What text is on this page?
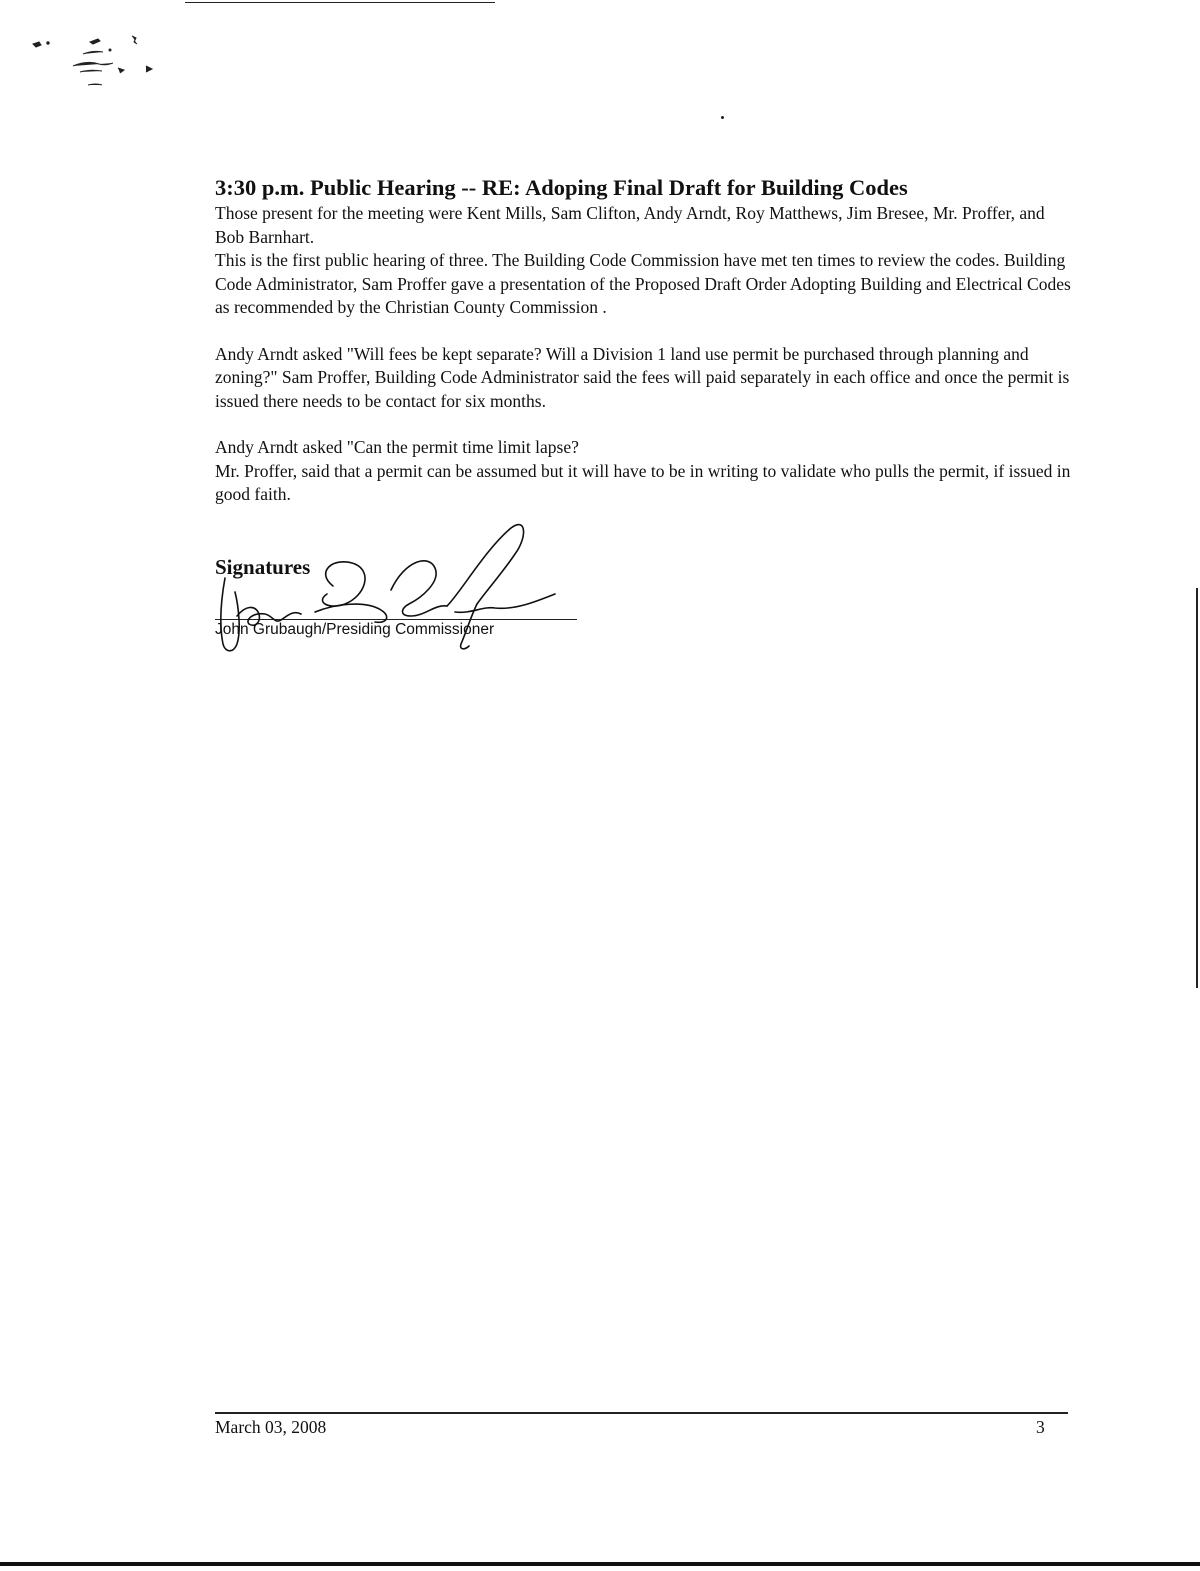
3:30 p.m. Public Hearing -- RE: Adoping Final Draft for Building Codes

Those present for the meeting were Kent Mills, Sam Clifton, Andy Arndt, Roy Matthews, Jim Bresee, Mr. Proffer, and Bob Barnhart.

This is the first public hearing of three. The Building Code Commission have met ten times to review the codes. Building Code Administrator, Sam Proffer gave a presentation of the Proposed Draft Order Adopting Building and Electrical Codes as recommended by the Christian County Commission .

Andy Arndt asked "Will fees be kept separate? Will a Division 1 land use permit be purchased through planning and zoning?" Sam Proffer, Building Code Administrator said the fees will paid separately in each office and once the permit is issued there needs to be contact for six months.

Andy Arndt asked "Can the permit time limit lapse?

Mr. Proffer, said that a permit can be assumed but it will have to be in writing to validate who pulls the permit, if issued in good faith.

Signatures

John Grubaugh/Presiding Commissioner

March 03, 2008	3
